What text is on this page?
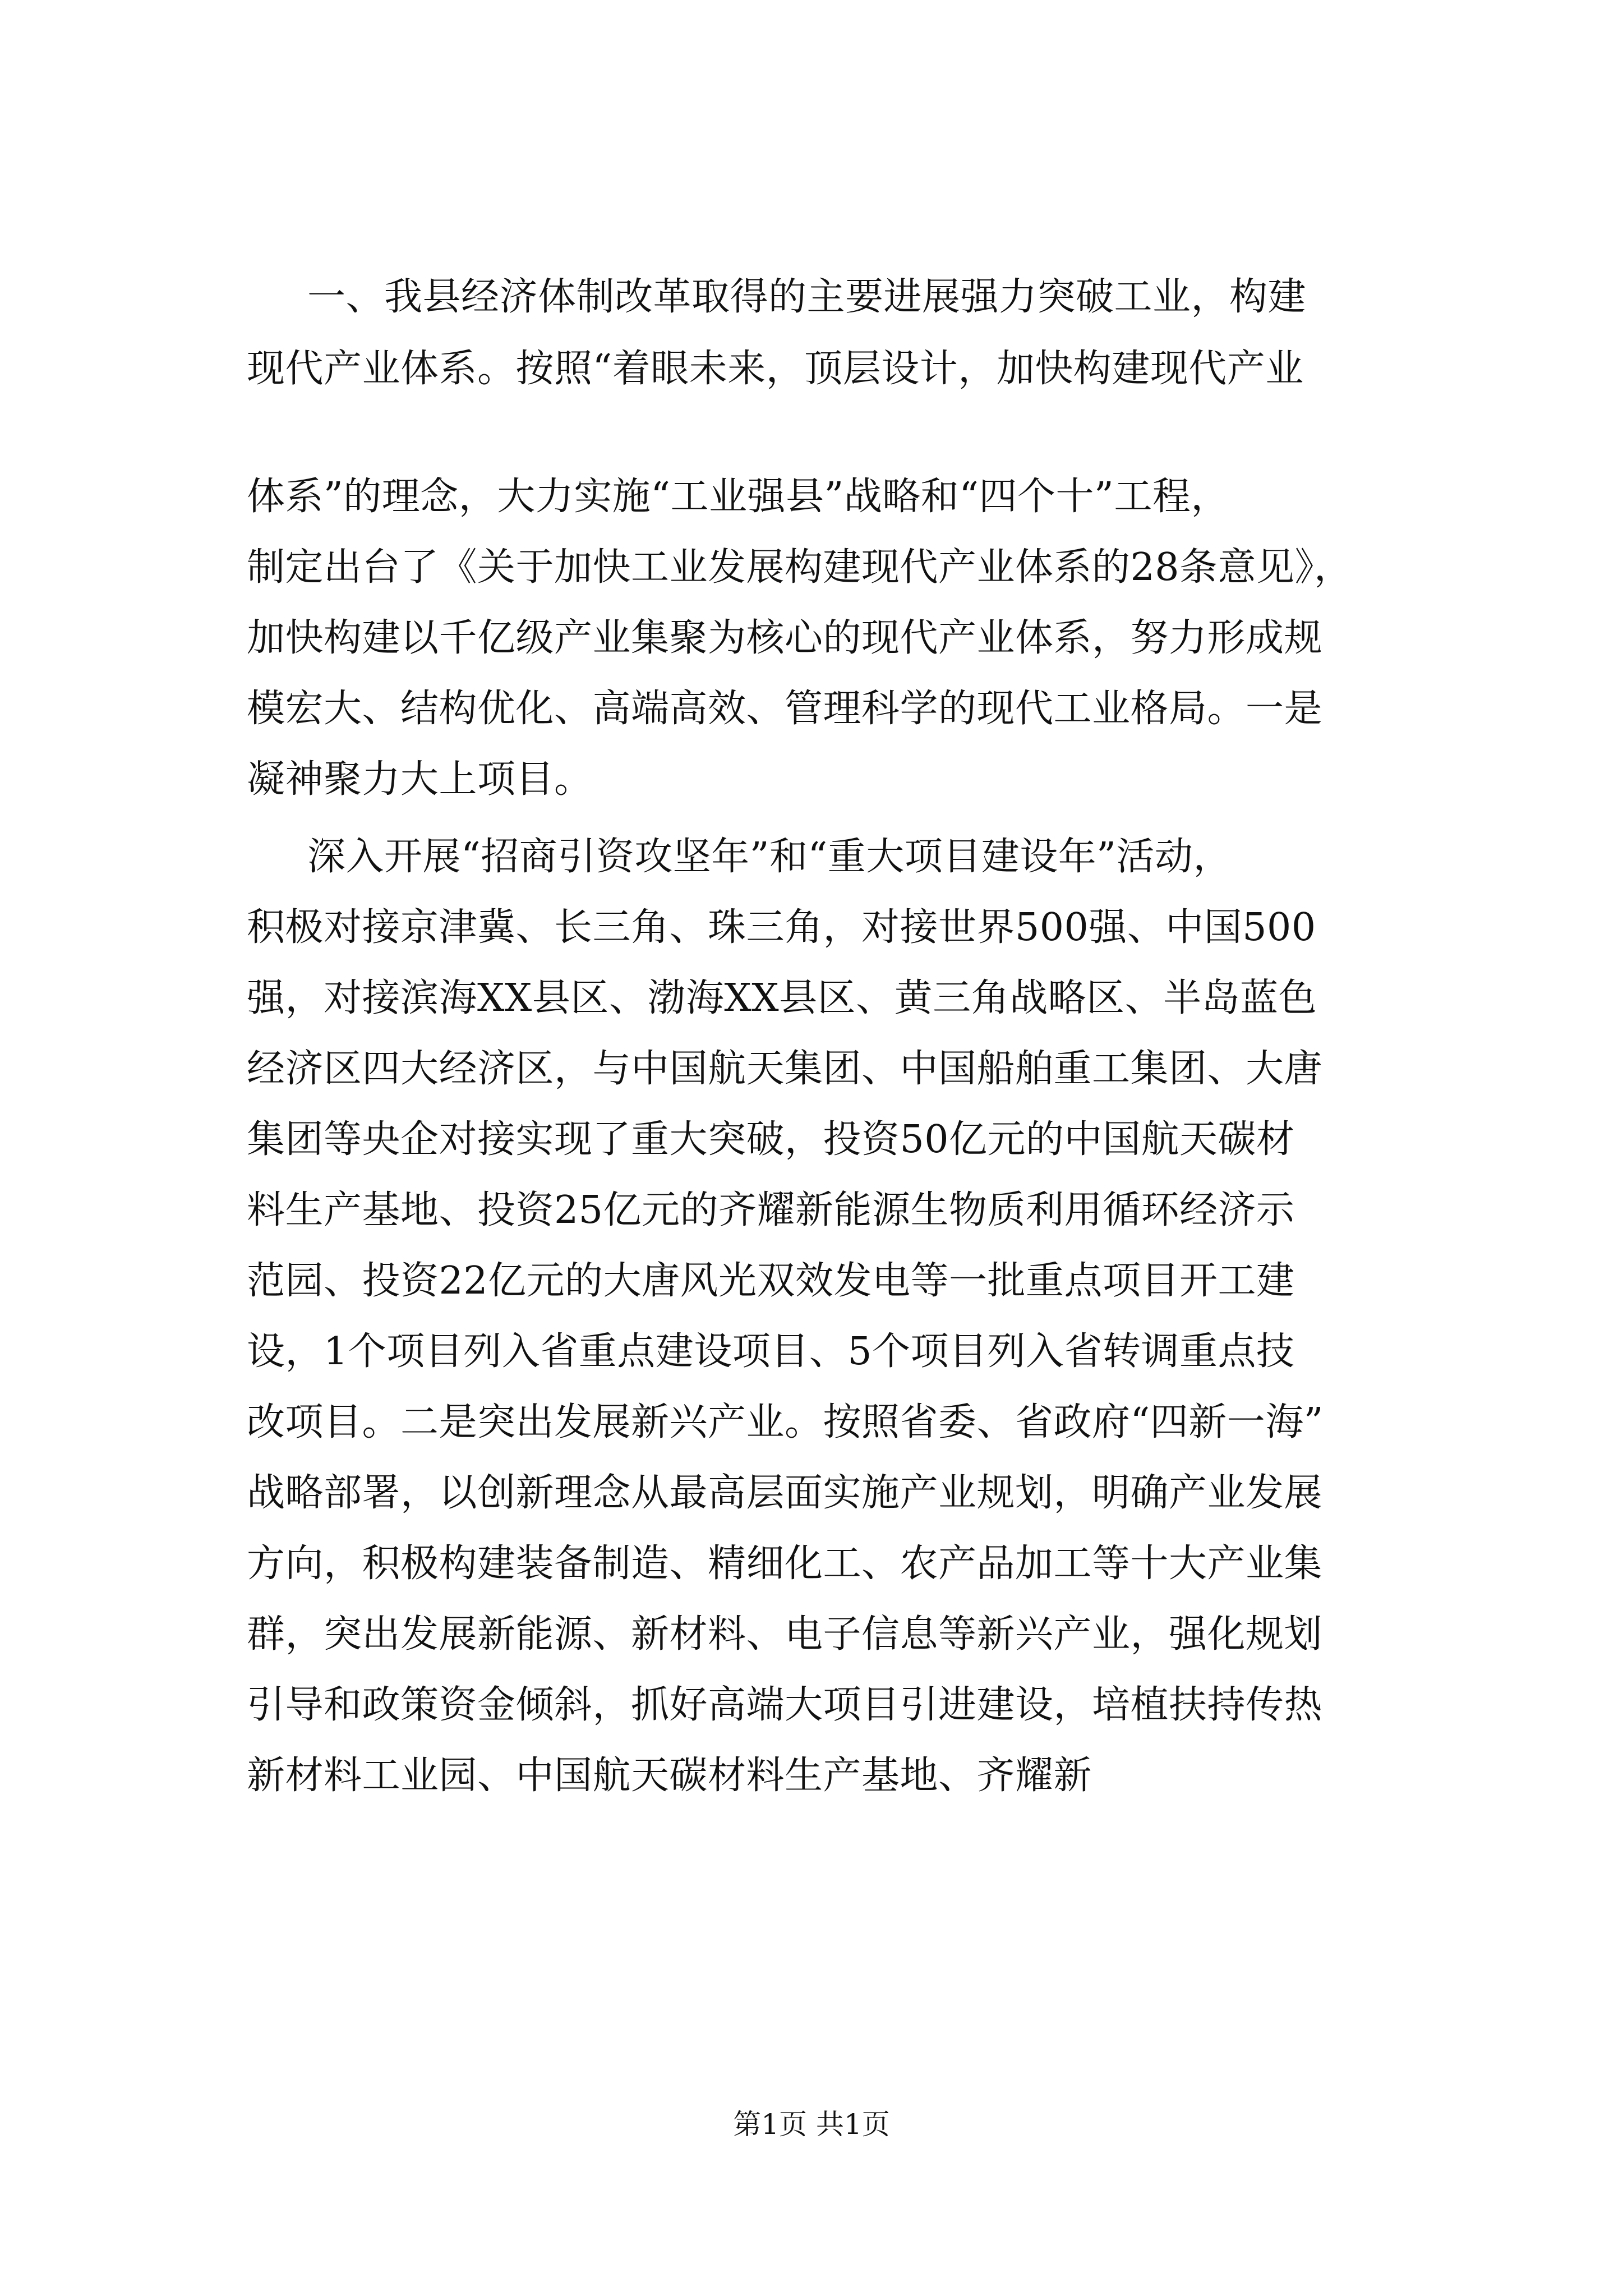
一、我县经济体制改革取得的主要进展强力突破工业，构建
现代产业体系。按照“着眼未来，顶层设计，加快构建现代产业
体系”的理念，大力实施“工业强县”战略和“四个十”工程，
制定出台了《关于加快工业发展构建现代产业体系的28条意见》，
加快构建以千亿级产业集聚为核心的现代产业体系，努力形成规
模宏大、结构优化、高端高效、管理科学的现代工业格局。一是
凝神聚力大上项目。
深入开展“招商引资攻坚年”和“重大项目建设年”活动，
积极对接京津冀、长三角、珠三角，对接世界500强、中国500
强，对接滨海XX县区、渤海XX县区、黄三角战略区、半岛蓝色
经济区四大经济区，与中国航天集团、中国船舶重工集团、大唐
集团等央企对接实现了重大突破，投资50亿元的中国航天碳材
料生产基地、投资25亿元的齐耀新能源生物质利用循环经济示
范园、投资22亿元的大唐风光双效发电等一批重点项目开工建
设，1个项目列入省重点建设项目、5个项目列入省转调重点技
改项目。二是突出发展新兴产业。按照省委、省政府“四新一海”
战略部署，以创新理念从最高层面实施产业规划，明确产业发展
方向，积极构建装备制造、精细化工、农产品加工等十大产业集
群，突出发展新能源、新材料、电子信息等新兴产业，强化规划
引导和政策资金倾斜，抓好高端大项目引进建设，培植扶持传热
新材料工业园、中国航天碳材料生产基地、齐耀新
第1页 共1页
